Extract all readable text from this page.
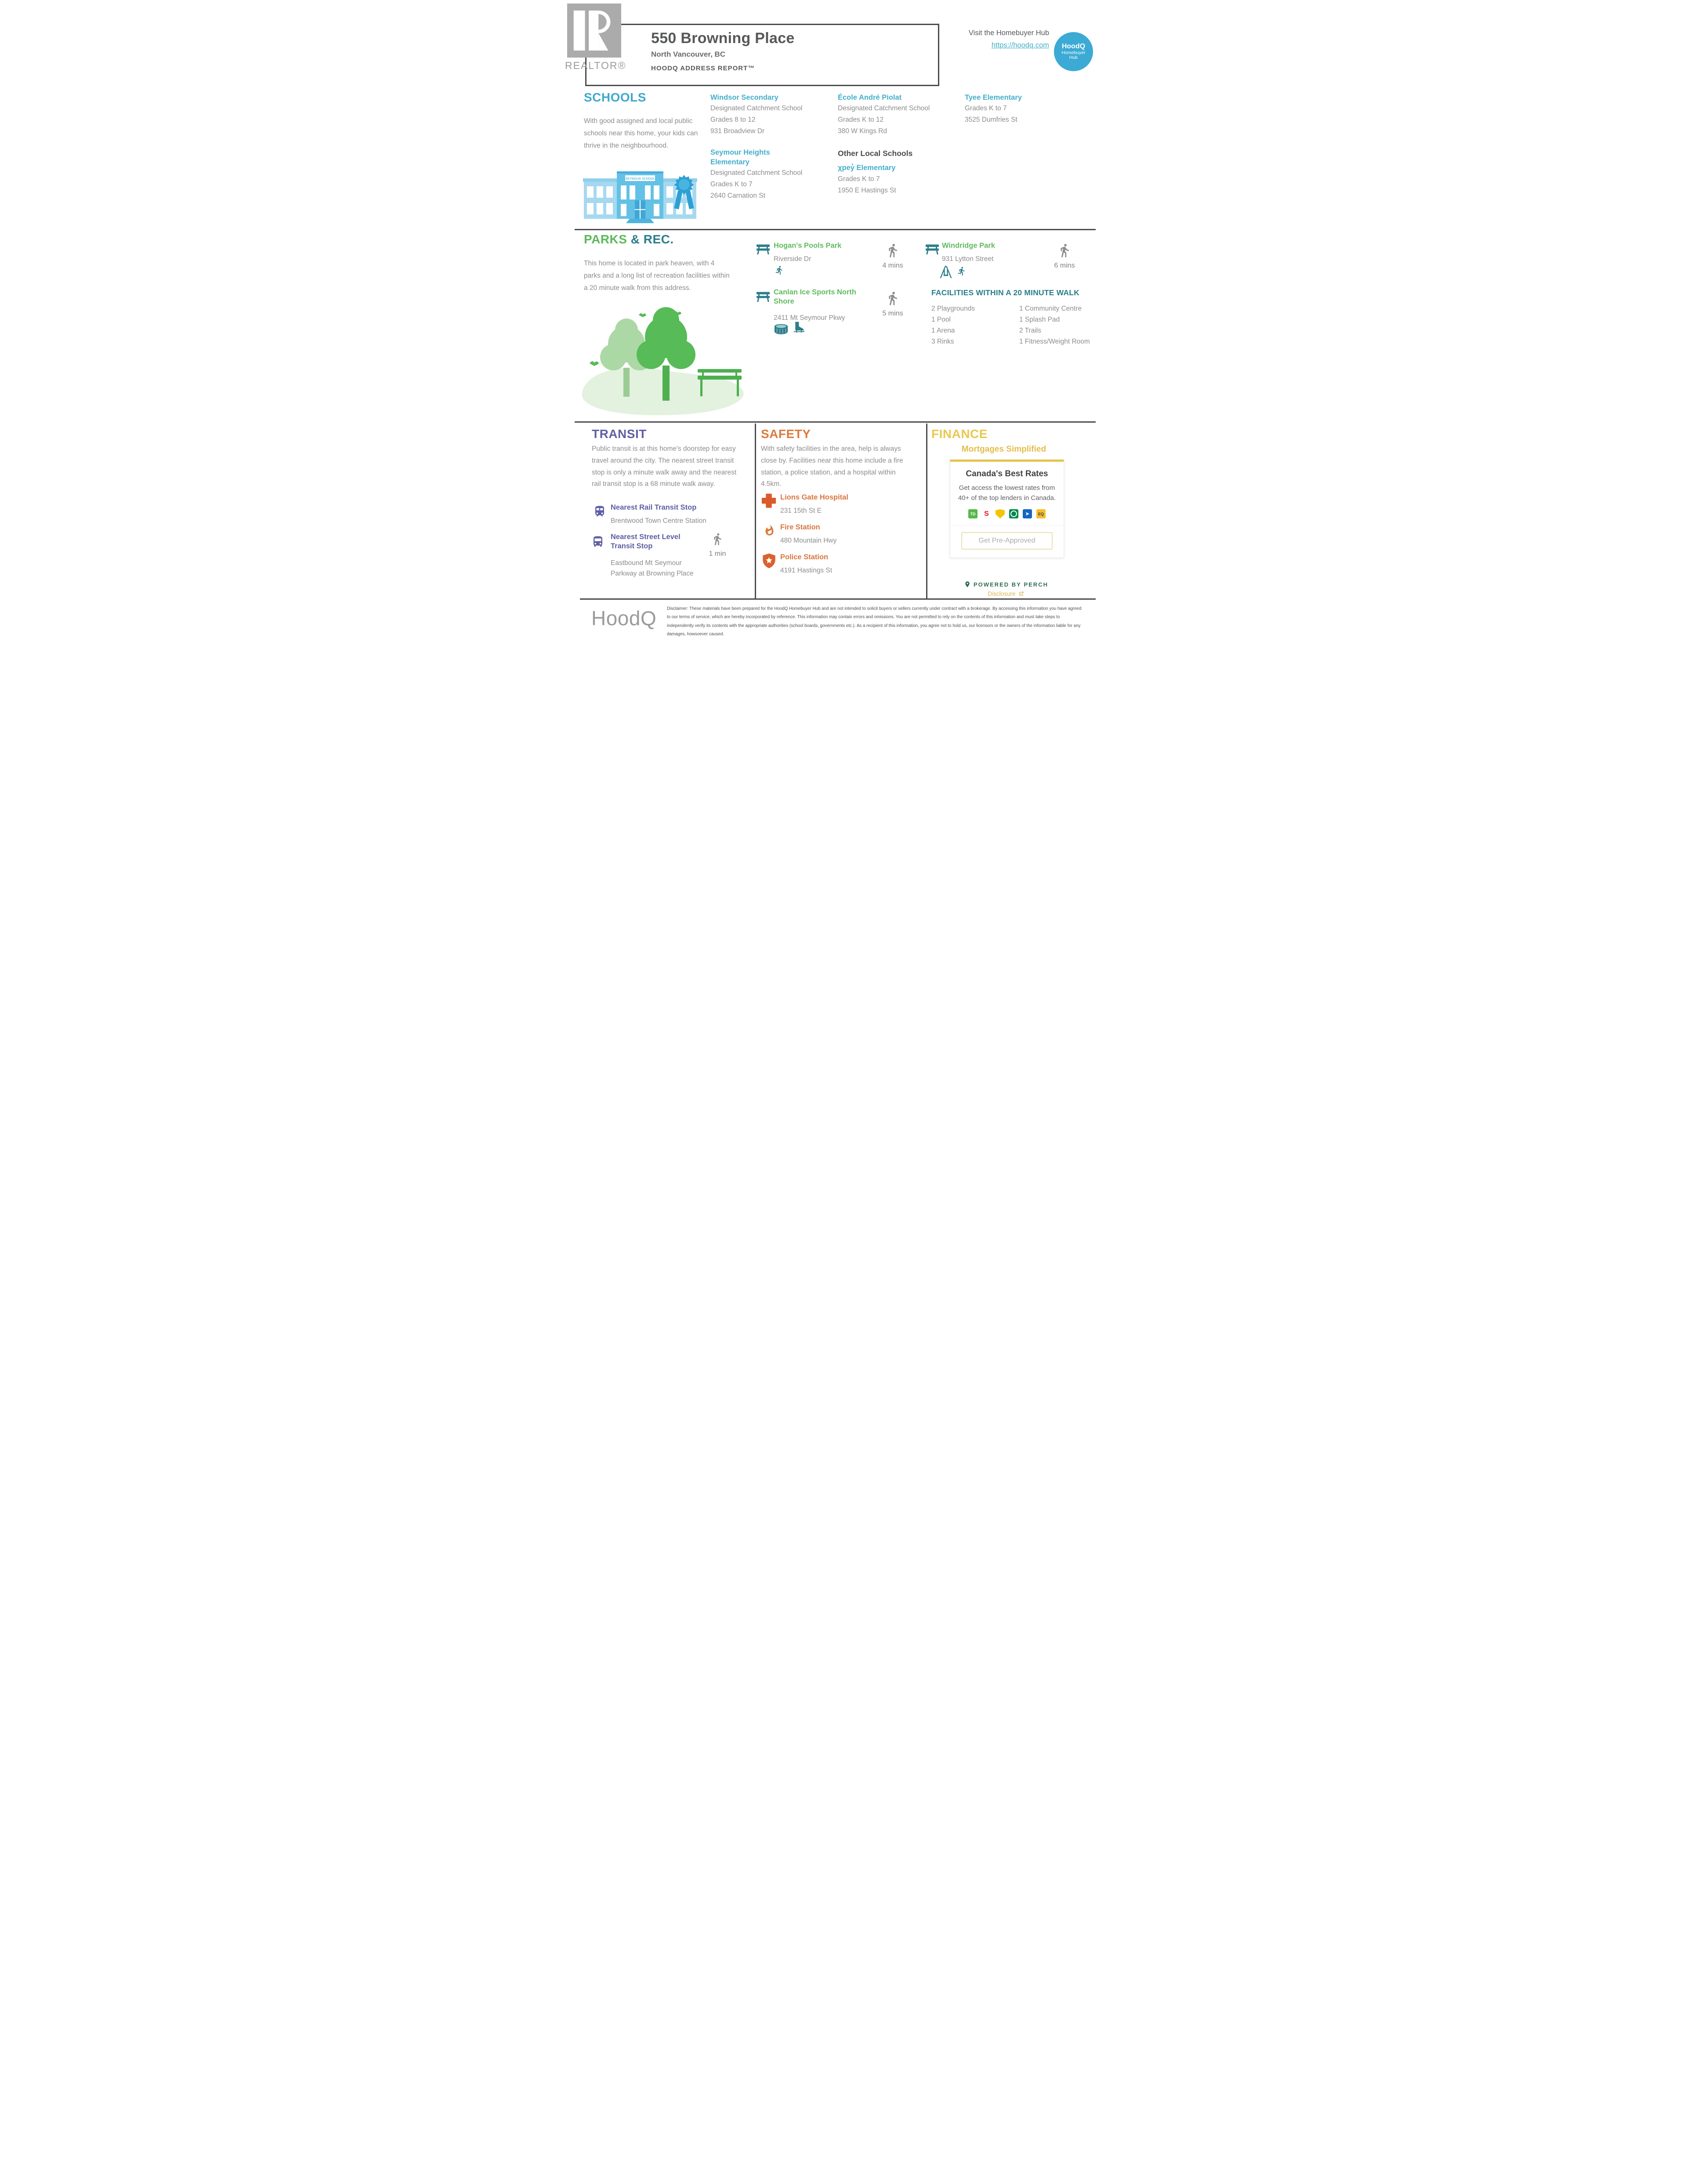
REALTOR®
550 Browning Place
North Vancouver, BC
HOODQ ADDRESS REPORT™
Visit the Homebuyer Hub
https://hoodq.com HoodQ
Homebuyer
Hub
SCHOOLS
With good assigned and local public schools near this home, your kids can thrive in the neighbourhood.
Windsor Secondary
Designated Catchment School
Grades 8 to 12
931 Broadview Dr
Seymour Heights Elementary
Designated Catchment School
Grades K to 7
2640 Carnation St
École André Piolat
Designated Catchment School
Grades K to 12
380 W Kings Rd
Other Local Schools
χpey̓ Elementary
Grades K to 7
1950 E Hastings St
Tyee Elementary
Grades K to 7
3525 Dumfries St
SEYMOUR SCHOOL
PARKS & REC.
This home is located in park heaven, with 4 parks and a long list of recreation facilities within a 20 minute walk from this address.
Hogan's Pools Park
Riverside Dr
4 mins
Windridge Park
931 Lytton Street
6 mins
Canlan Ice Sports North Shore
2411 Mt Seymour Pkwy
5 mins
FACILITIES WITHIN A 20 MINUTE WALK
2 Playgrounds
1 Pool
1 Arena
3 Rinks
1 Community Centre
1 Splash Pad
2 Trails
1 Fitness/Weight Room
TRANSIT
Public transit is at this home's doorstep for easy travel around the city. The nearest street transit stop is only a minute walk away and the nearest rail transit stop is a 68 minute walk away.
Nearest Rail Transit Stop
Brentwood Town Centre Station
Nearest Street Level Transit Stop
Eastbound Mt Seymour Parkway at Browning Place
1 min
SAFETY
With safety facilities in the area, help is always close by. Facilities near this home include a fire station, a police station, and a hospital within 4.5km.
Lions Gate Hospital
231 15th St E
Fire Station
480 Mountain Hwy
Police Station
4191 Hastings St
FINANCE
Mortgages Simplified
Canada's Best Rates
Get access the lowest rates from 40+ of the top lenders in Canada.
TD	S	➤	EQ
Get Pre-Approved
POWERED BY PERCH
Disclosure
HoodQ Disclaimer: These materials have been prepared for the HoodQ Homebuyer Hub and are not intended to solicit buyers or sellers currently under contract with a brokerage. By accessing this information you have agreed to our terms of service, which are hereby incorporated by reference. This information may contain errors and omissions. You are not permitted to rely on the contents of this information and must take steps to independently verify its contents with the appropriate authorities (school boards, governments etc.). As a recipient of this information, you agree not to hold us, our licensors or the owners of the information liable for any damages, howsoever caused.
